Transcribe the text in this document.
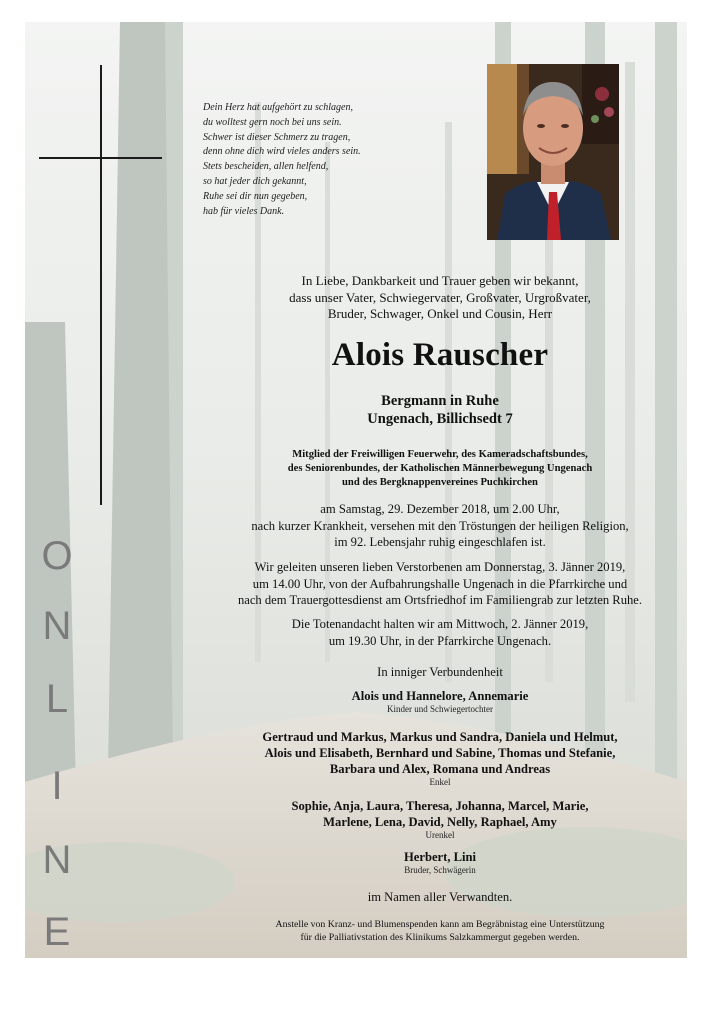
Dein Herz hat aufgehört zu schlagen,
du wolltest gern noch bei uns sein.
Schwer ist dieser Schmerz zu tragen,
denn ohne dich wird vieles anders sein.
Stets bescheiden, allen helfend,
so hat jeder dich gekannt,
Ruhe sei dir nun gegeben,
hab für vieles Dank.
In Liebe, Dankbarkeit und Trauer geben wir bekannt,
dass unser Vater, Schwiegervater, Großvater, Urgroßvater,
Bruder, Schwager, Onkel und Cousin, Herr
Alois Rauscher
Bergmann in Ruhe
Ungenach, Billichsedt 7
Mitglied der Freiwilligen Feuerwehr, des Kameradschaftsbundes,
des Seniorenbundes, der Katholischen Männerbewegung Ungenach
und des Bergknappenvereines Puchkirchen
am Samstag, 29. Dezember 2018, um 2.00 Uhr,
nach kurzer Krankheit, versehen mit den Tröstungen der heiligen Religion,
im 92. Lebensjahr ruhig eingeschlafen ist.
Wir geleiten unseren lieben Verstorbenen am Donnerstag, 3. Jänner 2019,
um 14.00 Uhr, von der Aufbahrungshalle Ungenach in die Pfarrkirche und
nach dem Trauergottesdienst am Ortsfriedhof im Familiengrab zur letzten Ruhe.
Die Totenandacht halten wir am Mittwoch, 2. Jänner 2019,
um 19.30 Uhr, in der Pfarrkirche Ungenach.
In inniger Verbundenheit
Alois und Hannelore, Annemarie
Kinder und Schwiegertochter
Gertraud und Markus, Markus und Sandra, Daniela und Helmut,
Alois und Elisabeth, Bernhard und Sabine, Thomas und Stefanie,
Barbara und Alex, Romana und Andreas
Enkel
Sophie, Anja, Laura, Theresa, Johanna, Marcel, Marie,
Marlene, Lena, David, Nelly, Raphael, Amy
Urenkel
Herbert, Lini
Bruder, Schwägerin
im Namen aller Verwandten.
Anstelle von Kranz- und Blumenspenden kann am Begräbnistag eine Unterstützung
für die Palliativstation des Klinikums Salzkammergut gegeben werden.
O
N
L
I
N
E
